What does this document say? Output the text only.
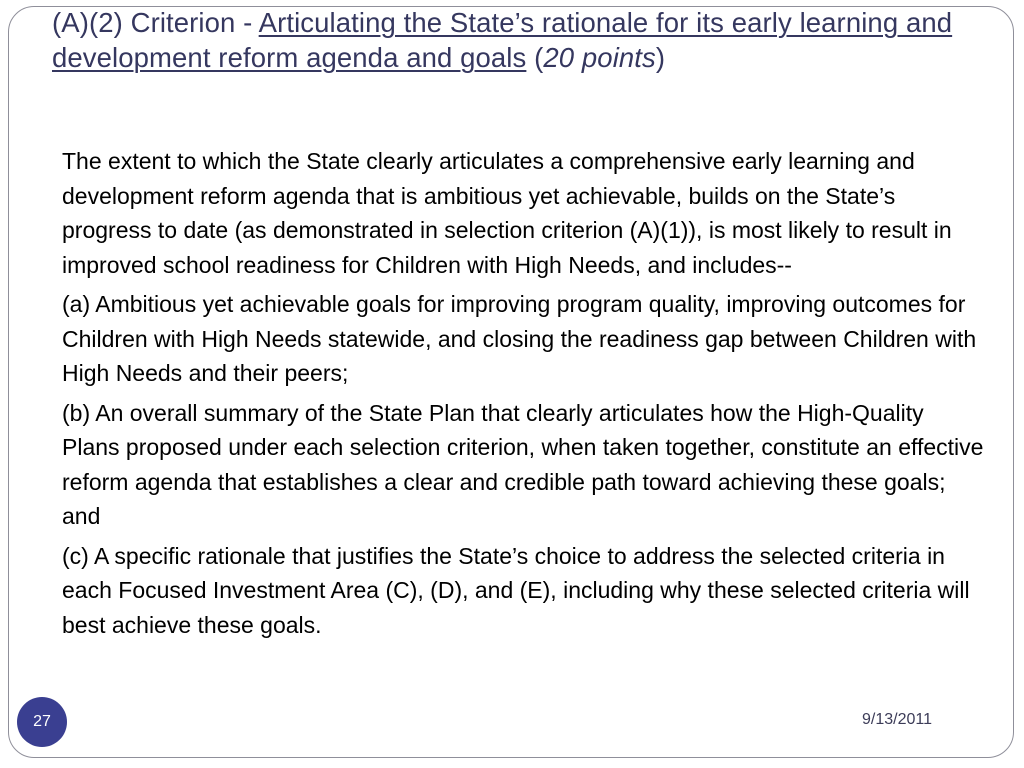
(A)(2) Criterion - Articulating the State’s rationale for its early learning and development reform agenda and goals (20 points)

The extent to which the State clearly articulates a comprehensive early learning and development reform agenda that is ambitious yet achievable, builds on the State’s progress to date (as demonstrated in selection criterion (A)(1)), is most likely to result in improved school readiness for Children with High Needs, and includes--

(a) Ambitious yet achievable goals for improving program quality, improving outcomes for Children with High Needs statewide, and closing the readiness gap between Children with High Needs and their peers;

(b) An overall summary of the State Plan that clearly articulates how the High-Quality Plans proposed under each selection criterion, when taken together, constitute an effective reform agenda that establishes a clear and credible path toward achieving these goals; and

(c) A specific rationale that justifies the State’s choice to address the selected criteria in each Focused Investment Area (C), (D), and (E), including why these selected criteria will best achieve these goals.

27	9/13/2011
